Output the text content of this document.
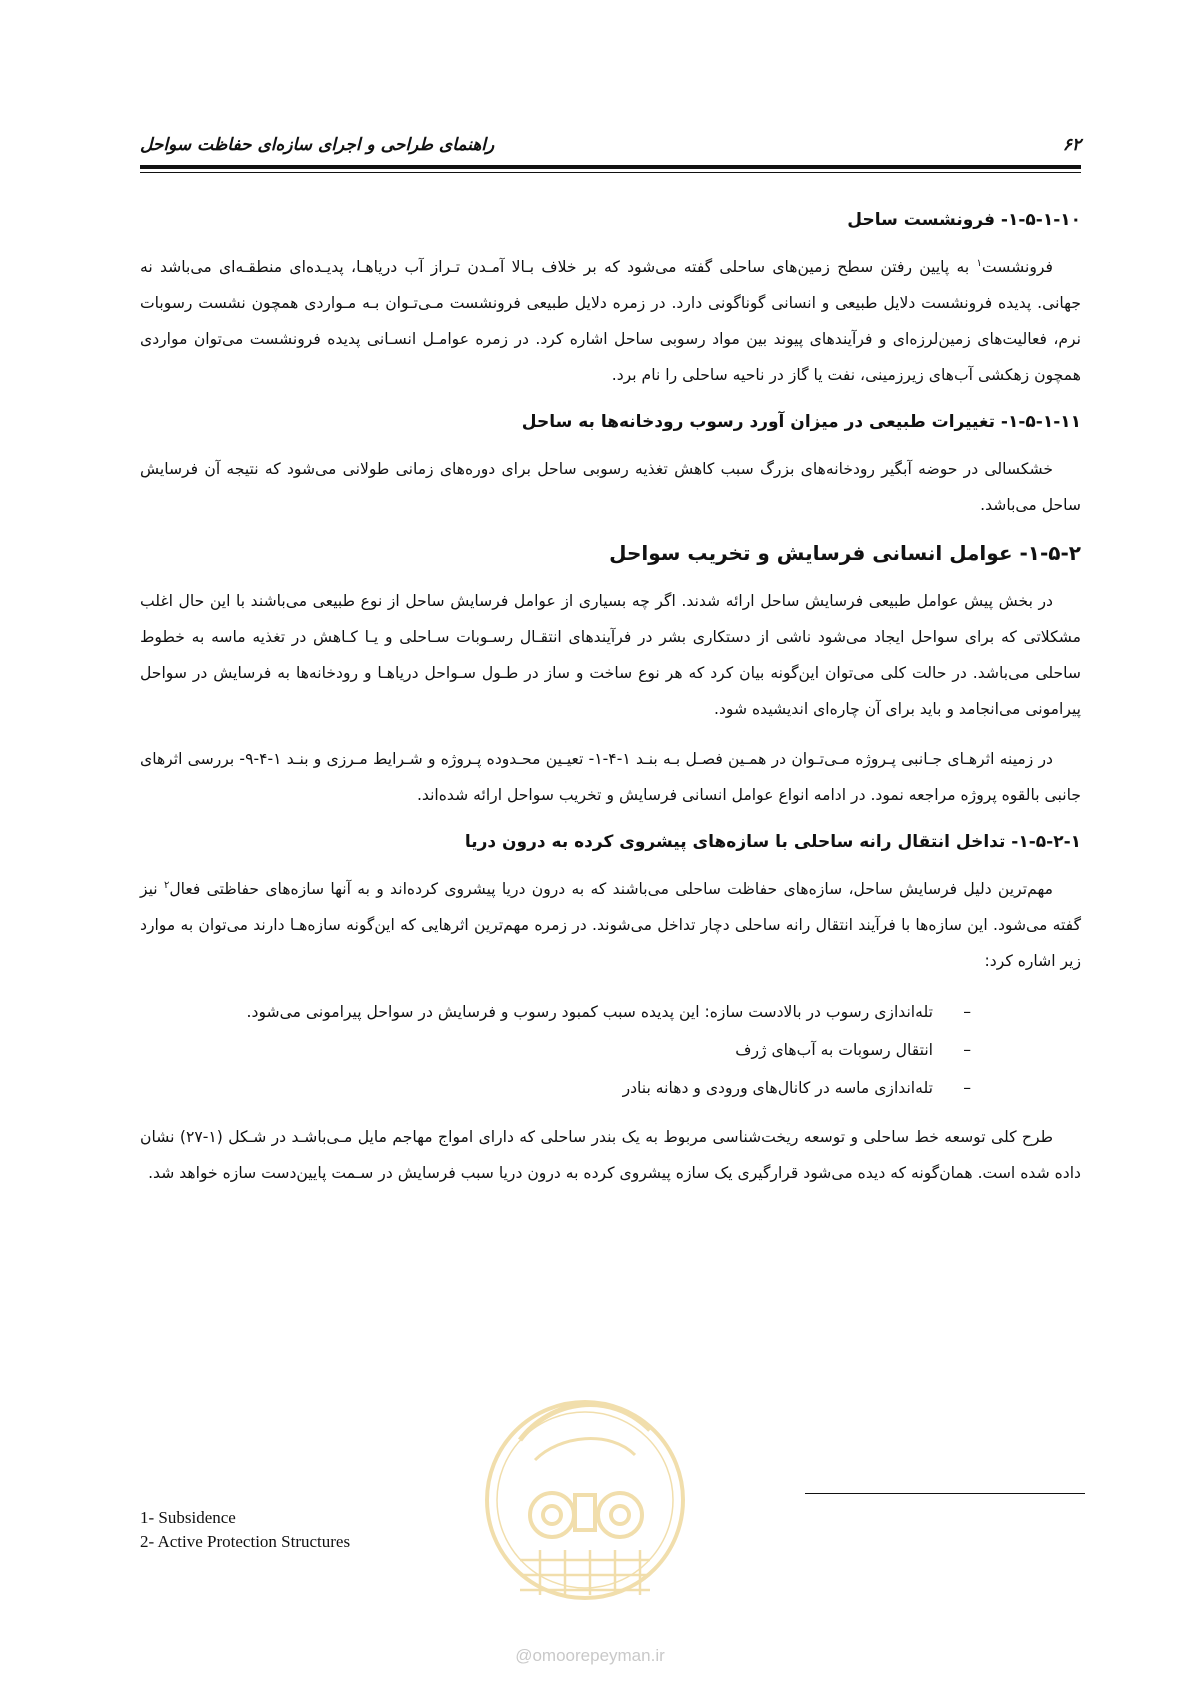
راهنمای طراحی و اجرای سازه‌ای حفاظت سواحل	۶۲
۱-۵-۱-۱۰- فرونشست ساحل

فرونشست$^۱$ به پایین رفتن سطح زمین‌های ساحلی گفته می‌شود که بر خلاف بـالا آمـدن تـراز آب دریاهـا، پدیـده‌ای منطقـه‌ای می‌باشد نه جهانی. پدیده فرونشست دلایل طبیعی و انسانی گوناگونی دارد. در زمره دلایل طبیعی فرونشست مـی‌تـوان بـه مـواردی همچون نشست رسوبات نرم، فعالیت‌های زمین‌لرزه‌ای و فرآیندهای پیوند بین مواد رسوبی ساحل اشاره کرد. در زمره عوامـل انسـانی پدیده فرونشست می‌توان مواردی همچون زهکشی آب‌های زیرزمینی، نفت یا گاز در ناحیه ساحلی را نام برد.

۱-۵-۱-۱۱- تغییرات طبیعی در میزان آورد رسوب رودخانه‌ها به ساحل

خشکسالی در حوضه آبگیر رودخانه‌های بزرگ سبب کاهش تغذیه رسوبی ساحل برای دوره‌های زمانی طولانی می‌شود که نتیجه آن فرسایش ساحل می‌باشد.

۱-۵-۲- عوامل انسانی فرسایش و تخریب سواحل

در بخش پیش عوامل طبیعی فرسایش ساحل ارائه شدند. اگر چه بسیاری از عوامل فرسایش ساحل از نوع طبیعی می‌باشند با این حال اغلب مشکلاتی که برای سواحل ایجاد می‌شود ناشی از دستکاری بشر در فرآیندهای انتقـال رسـوبات سـاحلی و یـا کـاهش در تغذیه ماسه به خطوط ساحلی می‌باشد. در حالت کلی می‌توان این‌گونه بیان کرد که هر نوع ساخت و ساز در طـول سـواحل دریاهـا و رودخانه‌ها به فرسایش در سواحل پیرامونی می‌انجامد و باید برای آن چاره‌ای اندیشیده شود.

در زمینه اثرهـای جـانبی پـروژه مـی‌تـوان در همـین فصـل بـه بنـد ۱-۴-۱- تعیـین محـدوده پـروژه و شـرایط مـرزی و بنـد ۱-۴-۹- بررسی اثرهای جانبی بالقوه پروژه مراجعه نمود. در ادامه انواع عوامل انسانی فرسایش و تخریب سواحل ارائه شده‌اند.

۱-۵-۲-۱- تداخل انتقال رانه ساحلی با سازه‌های پیشروی کرده به درون دریا

مهم‌ترین دلیل فرسایش ساحل، سازه‌های حفاظت ساحلی می‌باشند که به درون دریا پیشروی کرده‌اند و به آنها سازه‌های حفاظتی فعال$^۲$ نیز گفته می‌شود. این سازه‌ها با فرآیند انتقال رانه ساحلی دچار تداخل می‌شوند. در زمره مهم‌ترین اثرهایی که این‌گونه سازه‌هـا دارند می‌توان به موارد زیر اشاره کرد:

–تله‌اندازی رسوب در بالادست سازه: این پدیده سبب کمبود رسوب و فرسایش در سواحل پیرامونی می‌شود.
–انتقال رسوبات به آب‌های ژرف
–تله‌اندازی ماسه در کانال‌های ورودی و دهانه بنادر

طرح کلی توسعه خط ساحلی و توسعه ریخت‌شناسی مربوط به یک بندر ساحلی که دارای امواج مهاجم مایل مـی‌باشـد در شـکل (۱-۲۷) نشان داده شده است. همان‌گونه که دیده می‌شود قرارگیری یک سازه پیشروی کرده به درون دریا سبب فرسایش در سـمت پایین‌دست سازه خواهد شد.

@omoorepeyman.ir
1- Subsidence
2- Active Protection Structures
